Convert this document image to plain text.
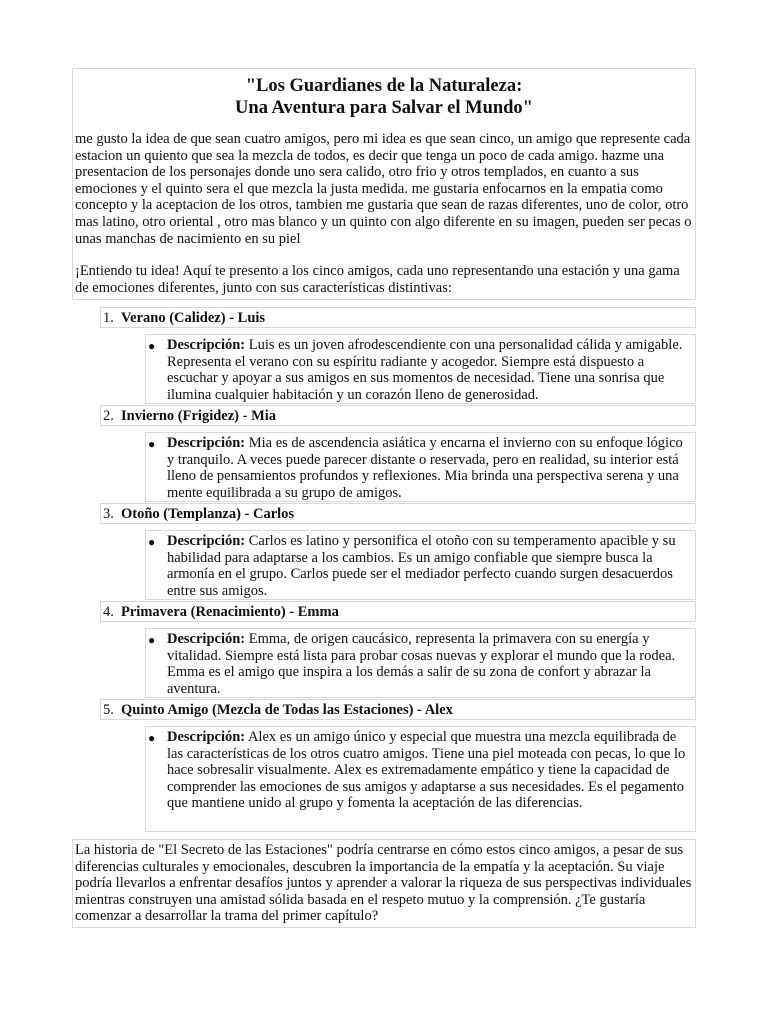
"Los Guardianes de la Naturaleza:
Una Aventura para Salvar el Mundo"

me gusto la idea de que sean cuatro amigos, pero mi idea es que sean cinco, un amigo que represente cada estacion un quiento que sea la mezcla de todos, es decir que tenga un poco de cada amigo. hazme una presentacion de los personajes donde uno sera calido, otro frio y otros templados, en cuanto a sus emociones y el quinto sera el que mezcla la justa medida. me gustaria enfocarnos en la empatia como concepto y la aceptacion de los otros, tambien me gustaria que sean de razas diferentes, uno de color, otro mas latino, otro oriental , otro mas blanco y un quinto con algo diferente en su imagen, pueden ser pecas o unas manchas de nacimiento en su piel

¡Entiendo tu idea! Aquí te presento a los cinco amigos, cada uno representando una estación y una gama de emociones diferentes, junto con sus características distintivas:

1. Verano (Calidez) - Luis
● Descripción: Luis es un joven afrodescendiente con una personalidad cálida y amigable. Representa el verano con su espíritu radiante y acogedor. Siempre está dispuesto a escuchar y apoyar a sus amigos en sus momentos de necesidad. Tiene una sonrisa que ilumina cualquier habitación y un corazón lleno de generosidad.

2. Invierno (Frigidez) - Mia
● Descripción: Mia es de ascendencia asiática y encarna el invierno con su enfoque lógico y tranquilo. A veces puede parecer distante o reservada, pero en realidad, su interior está lleno de pensamientos profundos y reflexiones. Mia brinda una perspectiva serena y una mente equilibrada a su grupo de amigos.

3. Otoño (Templanza) - Carlos
● Descripción: Carlos es latino y personifica el otoño con su temperamento apacible y su habilidad para adaptarse a los cambios. Es un amigo confiable que siempre busca la armonía en el grupo. Carlos puede ser el mediador perfecto cuando surgen desacuerdos entre sus amigos.

4. Primavera (Renacimiento) - Emma
● Descripción: Emma, de origen caucásico, representa la primavera con su energía y vitalidad. Siempre está lista para probar cosas nuevas y explorar el mundo que la rodea. Emma es el amigo que inspira a los demás a salir de su zona de confort y abrazar la aventura.

5. Quinto Amigo (Mezcla de Todas las Estaciones) - Alex
● Descripción: Alex es un amigo único y especial que muestra una mezcla equilibrada de las características de los otros cuatro amigos. Tiene una piel moteada con pecas, lo que lo hace sobresalir visualmente. Alex es extremadamente empático y tiene la capacidad de comprender las emociones de sus amigos y adaptarse a sus necesidades. Es el pegamento que mantiene unido al grupo y fomenta la aceptación de las diferencias.

La historia de "El Secreto de las Estaciones" podría centrarse en cómo estos cinco amigos, a pesar de sus diferencias culturales y emocionales, descubren la importancia de la empatía y la aceptación. Su viaje podría llevarlos a enfrentar desafíos juntos y aprender a valorar la riqueza de sus perspectivas individuales mientras construyen una amistad sólida basada en el respeto mutuo y la comprensión. ¿Te gustaría comenzar a desarrollar la trama del primer capítulo?
